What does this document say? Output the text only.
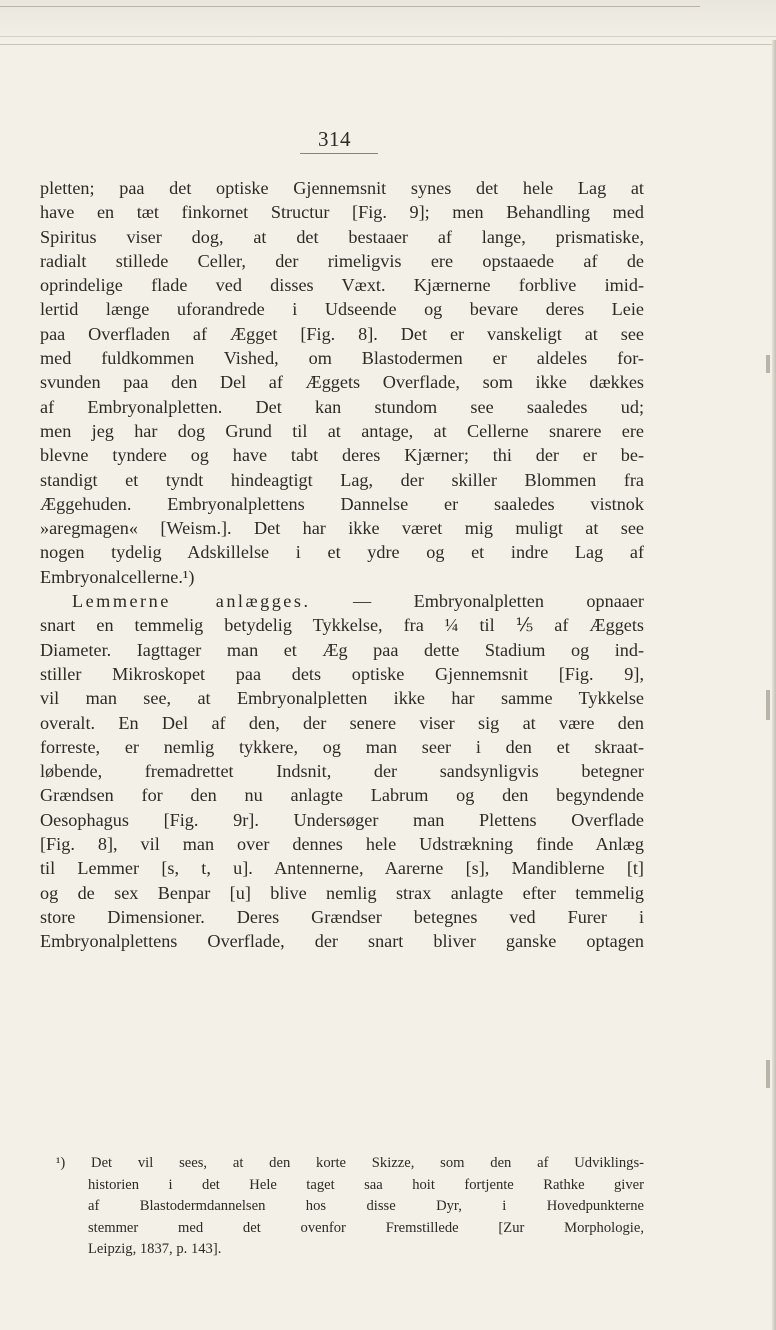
314
pletten; paa det optiske Gjennemsnit synes det hele Lag at
have en tæt finkornet Structur [Fig. 9]; men Behandling med
Spiritus viser dog, at det bestaaer af lange, prismatiske,
radialt stillede Celler, der rimeligvis ere opstaaede af de
oprindelige flade ved disses Væxt. Kjærnerne forblive imid-
lertid længe uforandrede i Udseende og bevare deres Leie
paa Overfladen af Ægget [Fig. 8]. Det er vanskeligt at see
med fuldkommen Vished, om Blastodermen er aldeles for-
svunden paa den Del af Æggets Overflade, som ikke dækkes
af Embryonalpletten. Det kan stundom see saaledes ud;
men jeg har dog Grund til at antage, at Cellerne snarere ere
blevne tyndere og have tabt deres Kjærner; thi der er be-
standigt et tyndt hindeagtigt Lag, der skiller Blommen fra
Æggehuden. Embryonalplettens Dannelse er saaledes vistnok
»aregmagen« [Weism.]. Det har ikke været mig muligt at see
nogen tydelig Adskillelse i et ydre og et indre Lag af
Embryonalcellerne.¹)
Lemmerne anlægges. — Embryonalpletten opnaaer
snart en temmelig betydelig Tykkelse, fra ¼ til ⅕ af Æggets
Diameter. Iagttager man et Æg paa dette Stadium og ind-
stiller Mikroskopet paa dets optiske Gjennemsnit [Fig. 9],
vil man see, at Embryonalpletten ikke har samme Tykkelse
overalt. En Del af den, der senere viser sig at være den
forreste, er nemlig tykkere, og man seer i den et skraat-
løbende, fremadrettet Indsnit, der sandsynligvis betegner
Grændsen for den nu anlagte Labrum og den begyndende
Oesophagus [Fig. 9r]. Undersøger man Plettens Overflade
[Fig. 8], vil man over dennes hele Udstrækning finde Anlæg
til Lemmer [s, t, u]. Antennerne, Aarerne [s], Mandiblerne [t]
og de sex Benpar [u] blive nemlig strax anlagte efter temmelig
store Dimensioner. Deres Grændser betegnes ved Furer i
Embryonalplettens Overflade, der snart bliver ganske optagen
¹) Det vil sees, at den korte Skizze, som den af Udviklings-
historien i det Hele taget saa hoit fortjente Rathke giver
af Blastodermdannelsen hos disse Dyr, i Hovedpunkterne
stemmer med det ovenfor Fremstillede [Zur Morphologie,
Leipzig, 1837, p. 143].
